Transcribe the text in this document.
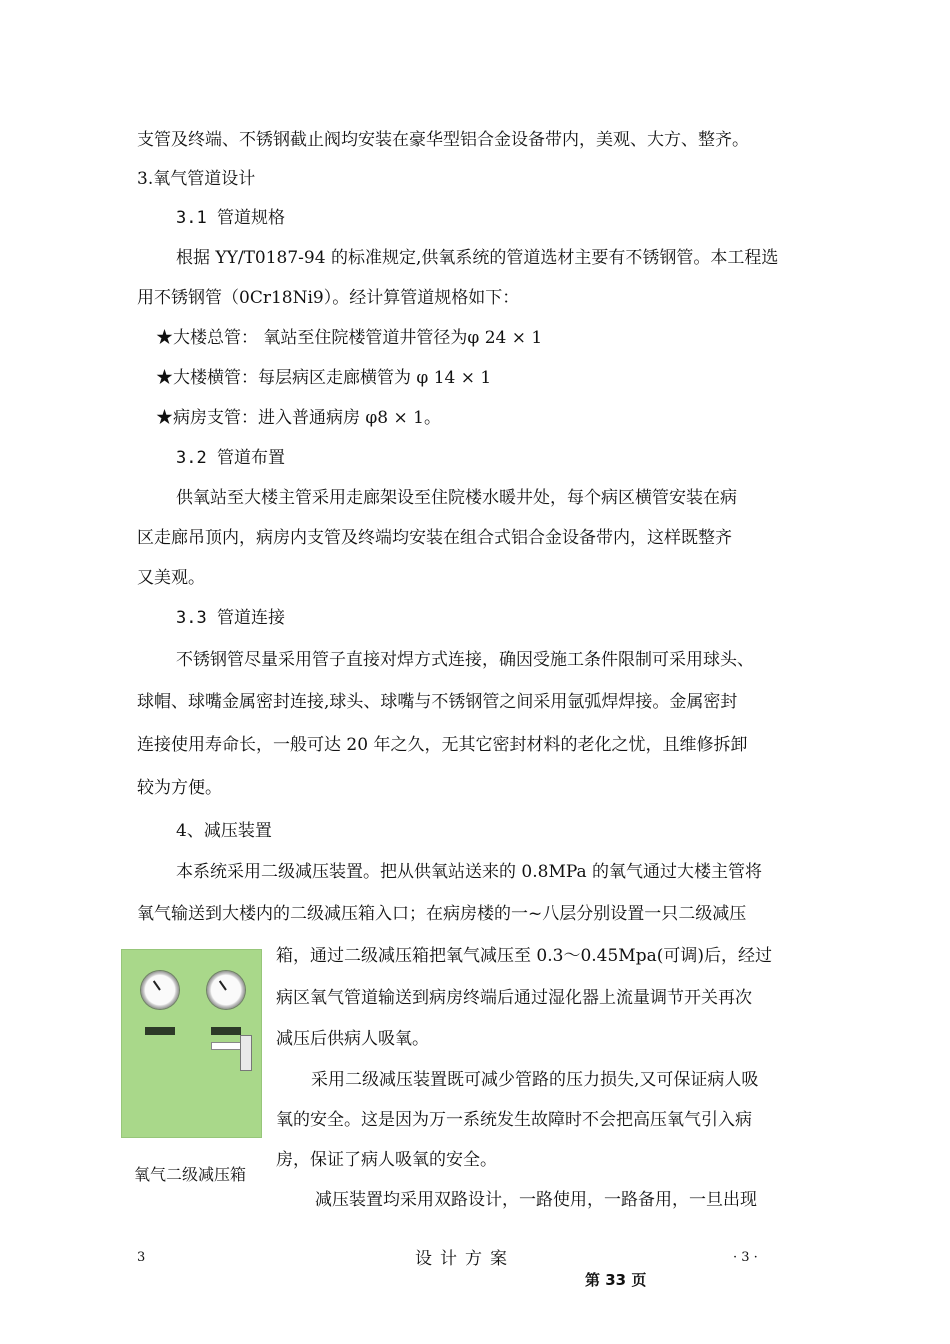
支管及终端、不锈钢截止阀均安装在豪华型铝合金设备带内，美观、大方、整齐。
3.氧气管道设计
3.1 管道规格
根据 YY/T0187-94 的标准规定,供氧系统的管道选材主要有不锈钢管。本工程选
用不锈钢管（0Cr18Ni9）。经计算管道规格如下：
★大楼总管： 氧站至住院楼管道井管径为φ 24 × 1
★大楼横管：每层病区走廊横管为 φ 14 × 1
★病房支管：进入普通病房 φ8 × 1。
3.2 管道布置
供氧站至大楼主管采用走廊架设至住院楼水暖井处，每个病区横管安装在病
区走廊吊顶内，病房内支管及终端均安装在组合式铝合金设备带内，这样既整齐
又美观。
3.3 管道连接
不锈钢管尽量采用管子直接对焊方式连接，确因受施工条件限制可采用球头、
球帽、球嘴金属密封连接,球头、球嘴与不锈钢管之间采用氩弧焊焊接。金属密封
连接使用寿命长，一般可达 20 年之久，无其它密封材料的老化之忧，且维修拆卸
较为方便。
4、减压装置
本系统采用二级减压装置。把从供氧站送来的 0.8MPa 的氧气通过大楼主管将
氧气输送到大楼内的二级减压箱入口；在病房楼的一~八层分别设置一只二级减压
箱，通过二级减压箱把氧气减压至 0.3～0.45Mpa(可调)后，经过
病区氧气管道输送到病房终端后通过湿化器上流量调节开关再次
减压后供病人吸氧。
采用二级减压装置既可减少管路的压力损失,又可保证病人吸
氧的安全。这是因为万一系统发生故障时不会把高压氧气引入病
房，保证了病人吸氧的安全。
减压装置均采用双路设计，一路使用，一路备用，一旦出现
氧气二级减压箱
3	设计方案	· 3 ·
第 33 页
